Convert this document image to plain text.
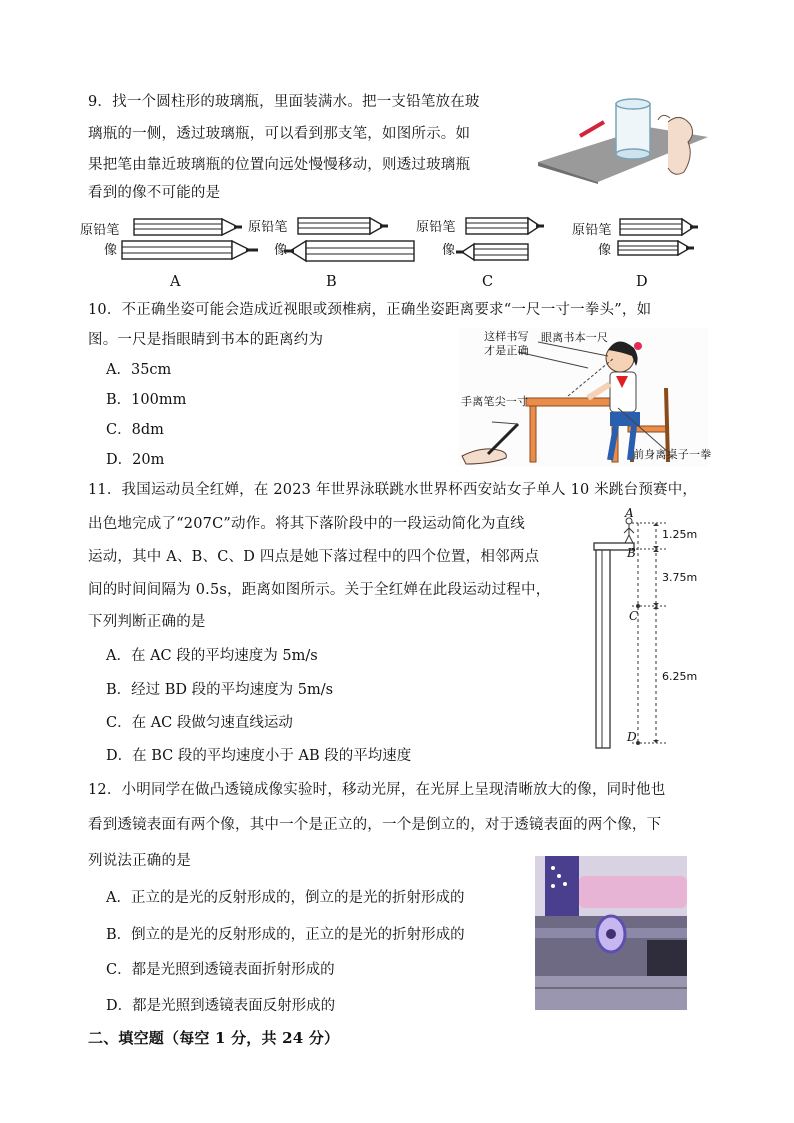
9．找一个圆柱形的玻璃瓶，里面装满水。把一支铅笔放在玻
璃瓶的一侧，透过玻璃瓶，可以看到那支笔，如图所示。如
果把笔由靠近玻璃瓶的位置向远处慢慢移动，则透过玻璃瓶
看到的像不可能的是
原铅笔
像
A
原铅笔
像
B
原铅笔
像
C
原铅笔
像
D
10．不正确坐姿可能会造成近视眼或颈椎病，正确坐姿距离要求“一尺一寸一拳头”，如
图。一尺是指眼睛到书本的距离约为
A．35cm
B．100mm
C．8dm
D．20m
这样书写
才是正确
眼离书本一尺
手离笔尖一寸
前身离桌子一拳
11．我国运动员全红婵，在 2023 年世界泳联跳水世界杯西安站女子单人 10 米跳台预赛中，
出色地完成了“207C”动作。将其下落阶段中的一段运动简化为直线
运动，其中 A、B、C、D 四点是她下落过程中的四个位置，相邻两点
间的时间间隔为 0.5s，距离如图所示。关于全红婵在此段运动过程中，
下列判断正确的是
A．在 AC 段的平均速度为 5m/s
B．经过 BD 段的平均速度为 5m/s
C．在 AC 段做匀速直线运动
D．在 BC 段的平均速度小于 AB 段的平均速度
A
B
C
D
1.25m
3.75m
6.25m
12．小明同学在做凸透镜成像实验时，移动光屏，在光屏上呈现清晰放大的像，同时他也
看到透镜表面有两个像，其中一个是正立的，一个是倒立的，对于透镜表面的两个像，下
列说法正确的是
A．正立的是光的反射形成的，倒立的是光的折射形成的
B．倒立的是光的反射形成的，正立的是光的折射形成的
C．都是光照到透镜表面折射形成的
D．都是光照到透镜表面反射形成的
二、填空题（每空 1 分，共 24 分）
